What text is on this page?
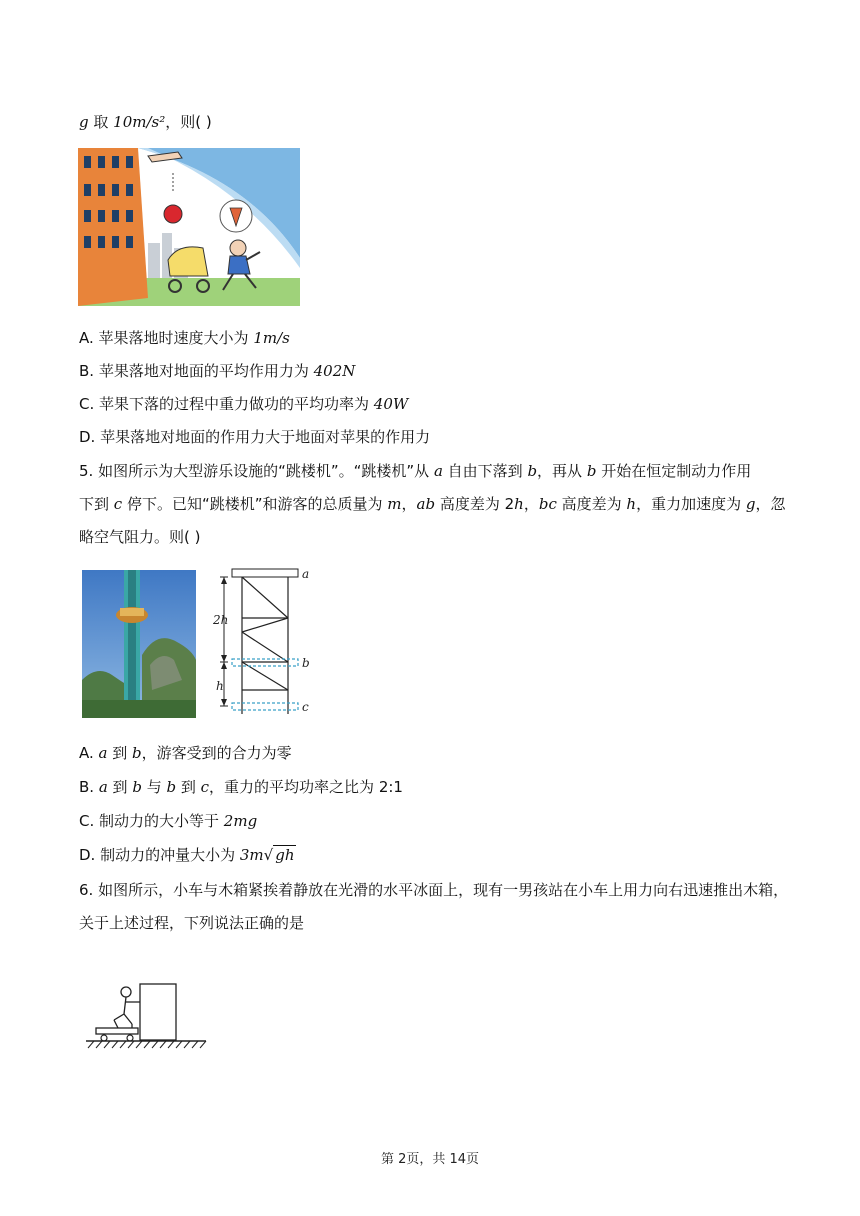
g 取 10m/s²，则( )
A. 苹果落地时速度大小为 1m/s
B. 苹果落地对地面的平均作用力为 402N
C. 苹果下落的过程中重力做功的平均功率为 40W
D. 苹果落地对地面的作用力大于地面对苹果的作用力
5. 如图所示为大型游乐设施的“跳楼机”。“跳楼机”从 a 自由下落到 b，再从 b 开始在恒定制动力作用
下到 c 停下。已知“跳楼机”和游客的总质量为 m，ab 高度差为 2h，bc 高度差为 h，重力加速度为 g，忽
略空气阻力。则( )
a
2h
b
h
c
A. a 到 b，游客受到的合力为零
B. a 到 b 与 b 到 c，重力的平均功率之比为 2:1
C. 制动力的大小等于 2mg
D. 制动力的冲量大小为 3m√ gh
6. 如图所示，小车与木箱紧挨着静放在光滑的水平冰面上，现有一男孩站在小车上用力向右迅速推出木箱，
关于上述过程，下列说法正确的是
第 2页，共 14页
